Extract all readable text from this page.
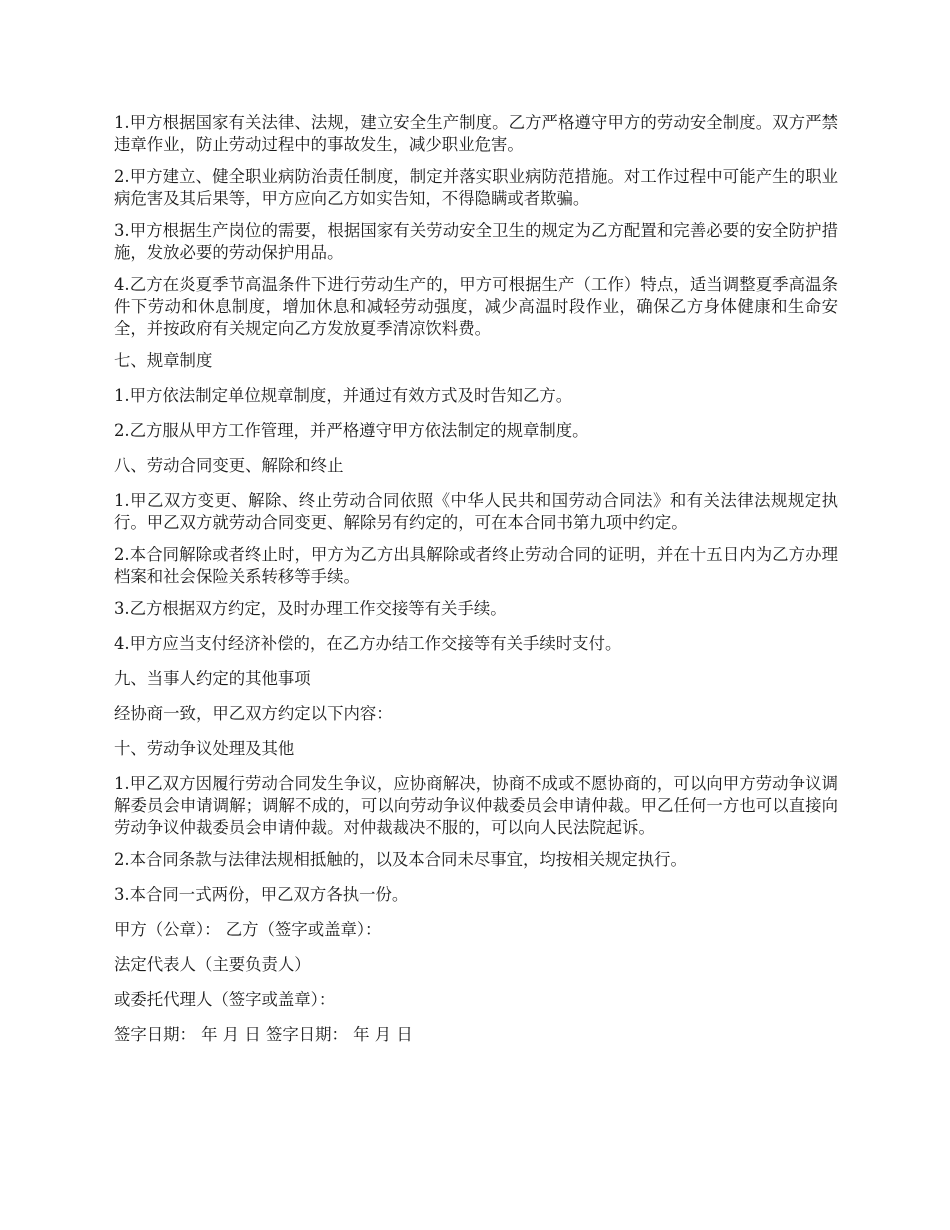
1.甲方根据国家有关法律、法规，建立安全生产制度。乙方严格遵守甲方的劳动安全制度。双方严禁违章作业，防止劳动过程中的事故发生，减少职业危害。

2.甲方建立、健全职业病防治责任制度，制定并落实职业病防范措施。对工作过程中可能产生的职业病危害及其后果等，甲方应向乙方如实告知，不得隐瞒或者欺骗。

3.甲方根据生产岗位的需要，根据国家有关劳动安全卫生的规定为乙方配置和完善必要的安全防护措施，发放必要的劳动保护用品。

4.乙方在炎夏季节高温条件下进行劳动生产的，甲方可根据生产（工作）特点，适当调整夏季高温条件下劳动和休息制度，增加休息和减轻劳动强度，减少高温时段作业，确保乙方身体健康和生命安全，并按政府有关规定向乙方发放夏季清凉饮料费。

七、规章制度

1.甲方依法制定单位规章制度，并通过有效方式及时告知乙方。

2.乙方服从甲方工作管理，并严格遵守甲方依法制定的规章制度。

八、劳动合同变更、解除和终止

1.甲乙双方变更、解除、终止劳动合同依照《中华人民共和国劳动合同法》和有关法律法规规定执行。甲乙双方就劳动合同变更、解除另有约定的，可在本合同书第九项中约定。

2.本合同解除或者终止时，甲方为乙方出具解除或者终止劳动合同的证明，并在十五日内为乙方办理档案和社会保险关系转移等手续。

3.乙方根据双方约定，及时办理工作交接等有关手续。

4.甲方应当支付经济补偿的，在乙方办结工作交接等有关手续时支付。

九、当事人约定的其他事项

经协商一致，甲乙双方约定以下内容：

十、劳动争议处理及其他

1.甲乙双方因履行劳动合同发生争议，应协商解决，协商不成或不愿协商的，可以向甲方劳动争议调解委员会申请调解；调解不成的，可以向劳动争议仲裁委员会申请仲裁。甲乙任何一方也可以直接向劳动争议仲裁委员会申请仲裁。对仲裁裁决不服的，可以向人民法院起诉。

2.本合同条款与法律法规相抵触的，以及本合同未尽事宜，均按相关规定执行。

3.本合同一式两份，甲乙双方各执一份。

甲方（公章）： 乙方（签字或盖章）：

法定代表人（主要负责人）

或委托代理人（签字或盖章）：

签字日期： 年 月 日 签字日期： 年 月 日
